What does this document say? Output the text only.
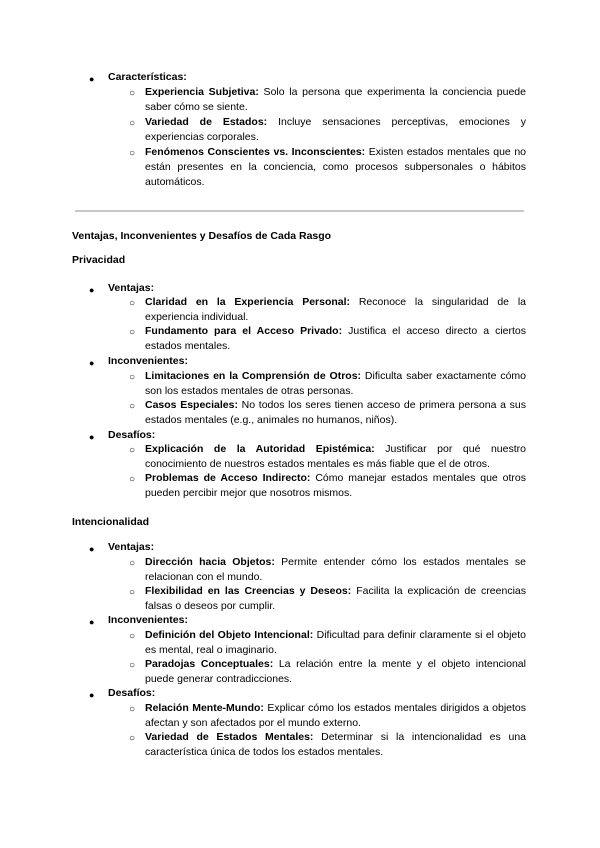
● Características:
○ Experiencia Subjetiva: Solo la persona que experimenta la conciencia puede saber cómo se siente.
○ Variedad de Estados: Incluye sensaciones perceptivas, emociones y experiencias corporales.
○ Fenómenos Conscientes vs. Inconscientes: Existen estados mentales que no están presentes en la conciencia, como procesos subpersonales o hábitos automáticos.
Ventajas, Inconvenientes y Desafíos de Cada Rasgo
Privacidad
● Ventajas:
○ Claridad en la Experiencia Personal: Reconoce la singularidad de la experiencia individual.
○ Fundamento para el Acceso Privado: Justifica el acceso directo a ciertos estados mentales.
● Inconvenientes:
○ Limitaciones en la Comprensión de Otros: Dificulta saber exactamente cómo son los estados mentales de otras personas.
○ Casos Especiales: No todos los seres tienen acceso de primera persona a sus estados mentales (e.g., animales no humanos, niños).
● Desafíos:
○ Explicación de la Autoridad Epistémica: Justificar por qué nuestro conocimiento de nuestros estados mentales es más fiable que el de otros.
○ Problemas de Acceso Indirecto: Cómo manejar estados mentales que otros pueden percibir mejor que nosotros mismos.
Intencionalidad
● Ventajas:
○ Dirección hacia Objetos: Permite entender cómo los estados mentales se relacionan con el mundo.
○ Flexibilidad en las Creencias y Deseos: Facilita la explicación de creencias falsas o deseos por cumplir.
● Inconvenientes:
○ Definición del Objeto Intencional: Dificultad para definir claramente si el objeto es mental, real o imaginario.
○ Paradojas Conceptuales: La relación entre la mente y el objeto intencional puede generar contradicciones.
● Desafíos:
○ Relación Mente-Mundo: Explicar cómo los estados mentales dirigidos a objetos afectan y son afectados por el mundo externo.
○ Variedad de Estados Mentales: Determinar si la intencionalidad es una característica única de todos los estados mentales.
